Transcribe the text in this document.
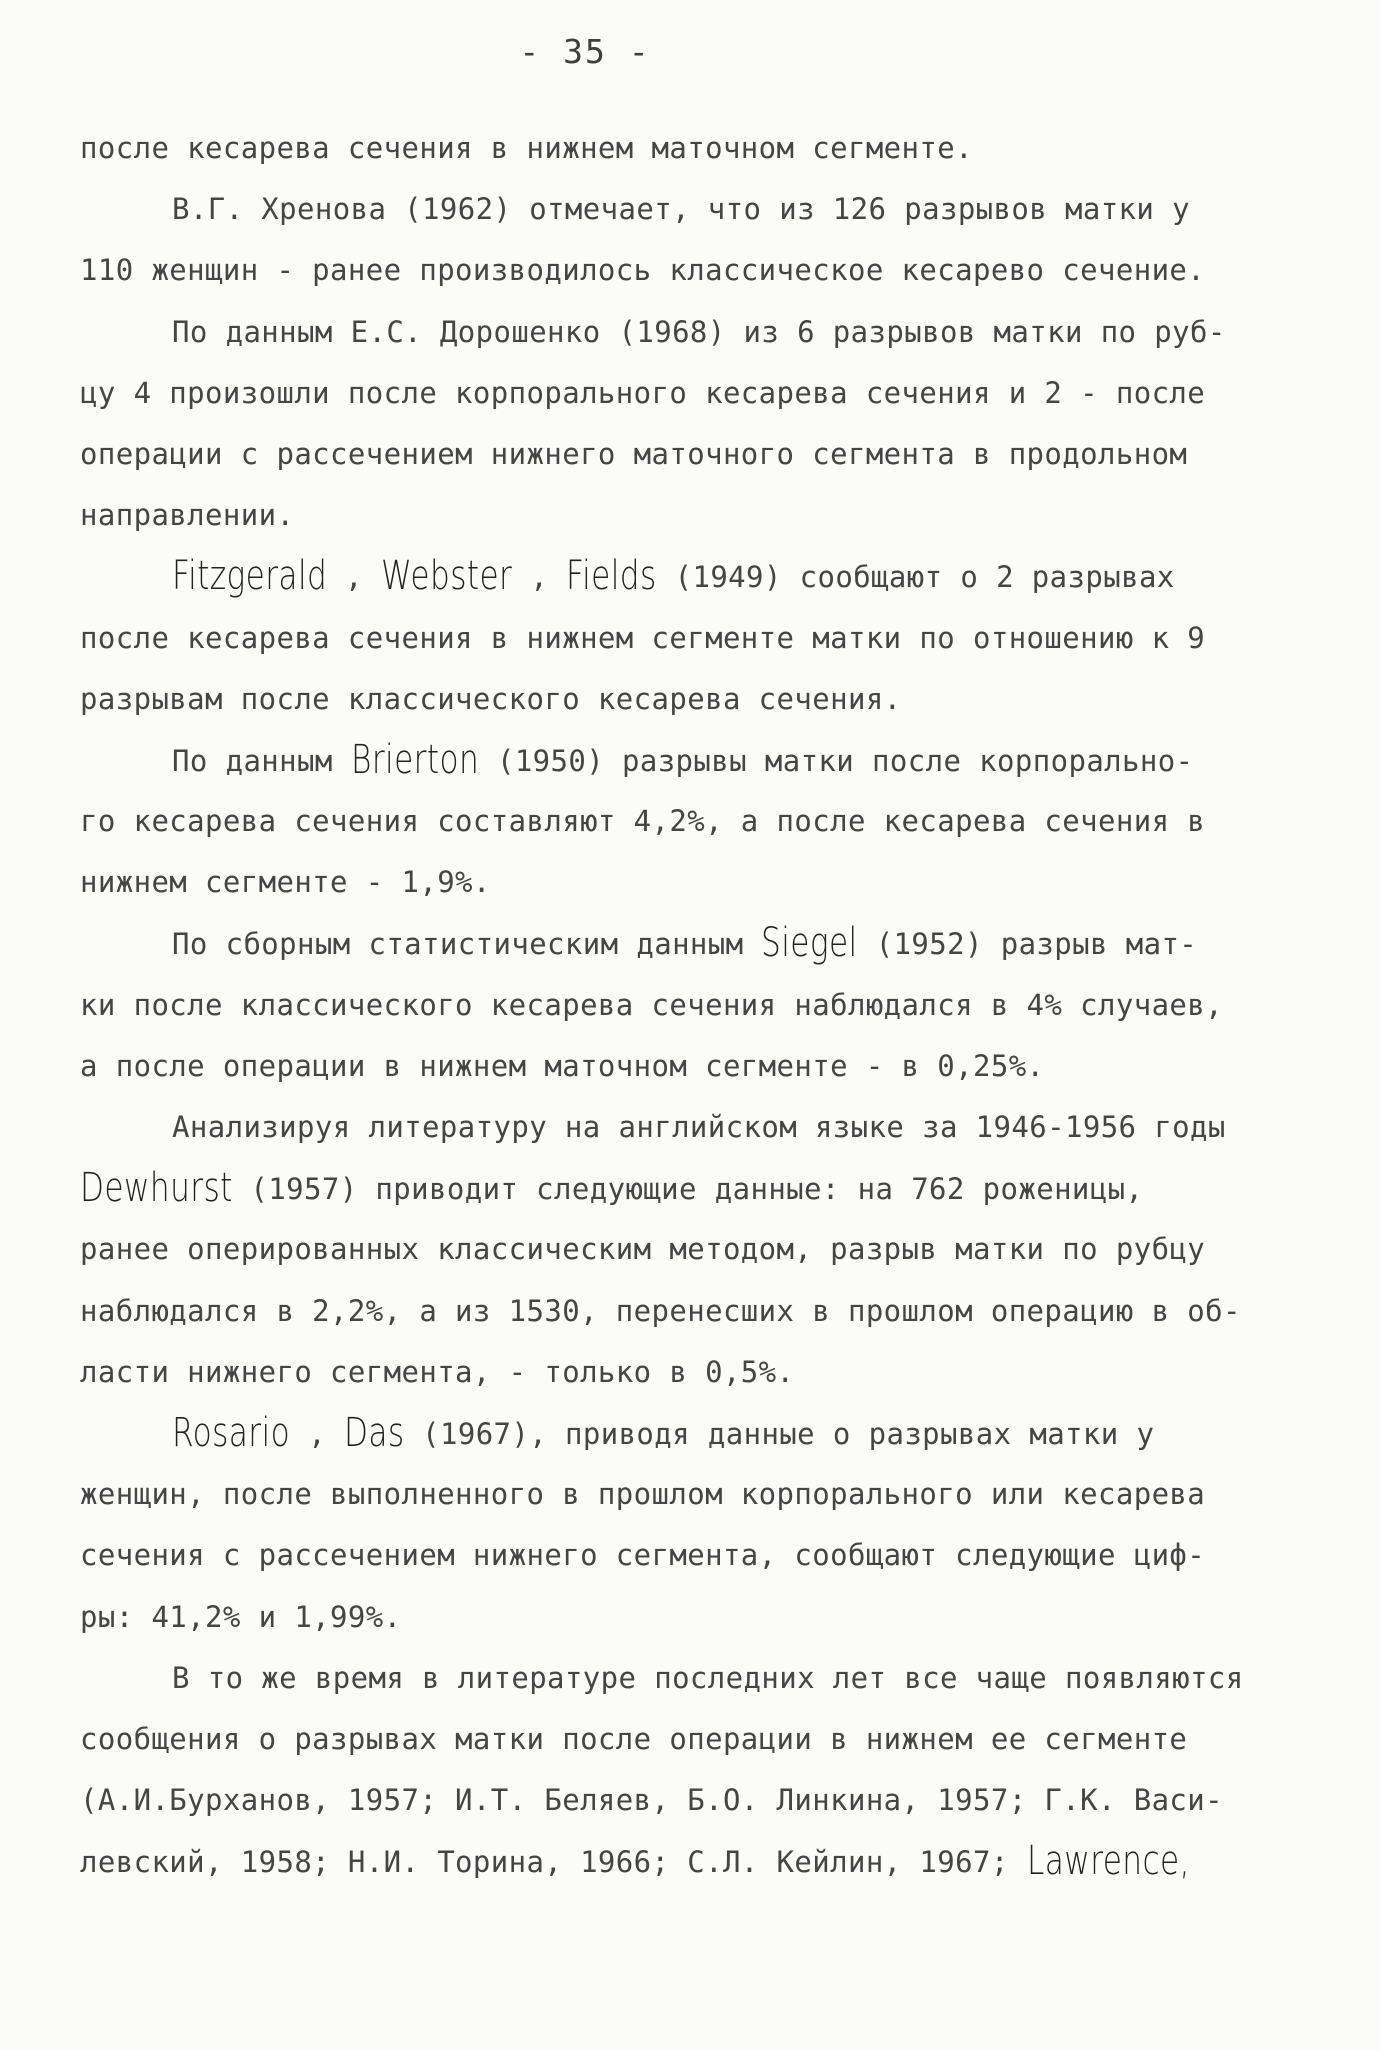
- 35 -
после кесарева сечения в нижнем маточном сегменте.
В.Г. Хренова (1962) отмечает, что из 126 разрывов матки у
110 женщин - ранее производилось классическое кесарево сечение.
По данным Е.С. Дорошенко (1968) из 6 разрывов матки по руб-
цу 4 произошли после корпорального кесарева сечения и 2 - после
операции с рассечением нижнего маточного сегмента в продольном
направлении.
Fitzgerald , Webster , Fields (1949) сообщают о 2 разрывах
после кесарева сечения в нижнем сегменте матки по отношению к 9
разрывам после классического кесарева сечения.
По данным Brierton (1950) разрывы матки после корпорально-
го кесарева сечения составляют 4,2%, а после кесарева сечения в
нижнем сегменте - 1,9%.
По сборным статистическим данным Siegel (1952) разрыв мат-
ки после классического кесарева сечения наблюдался в 4% случаев,
а после операции в нижнем маточном сегменте - в 0,25%.
Анализируя литературу на английском языке за 1946-1956 годы
Dewhurst (1957) приводит следующие данные: на 762 роженицы,
ранее оперированных классическим методом, разрыв матки по рубцу
наблюдался в 2,2%, а из 1530, перенесших в прошлом операцию в об-
ласти нижнего сегмента, - только в 0,5%.
Rosario , Das (1967), приводя данные о разрывах матки у
женщин, после выполненного в прошлом корпорального или кесарева
сечения с рассечением нижнего сегмента, сообщают следующие циф-
ры: 41,2% и 1,99%.
В то же время в литературе последних лет все чаще появляются
сообщения о разрывах матки после операции в нижнем ее сегменте
(А.И.Бурханов, 1957; И.Т. Беляев, Б.О. Линкина, 1957; Г.К. Васи-
левский, 1958; Н.И. Торина, 1966; С.Л. Кейлин, 1967; Lawrence,
